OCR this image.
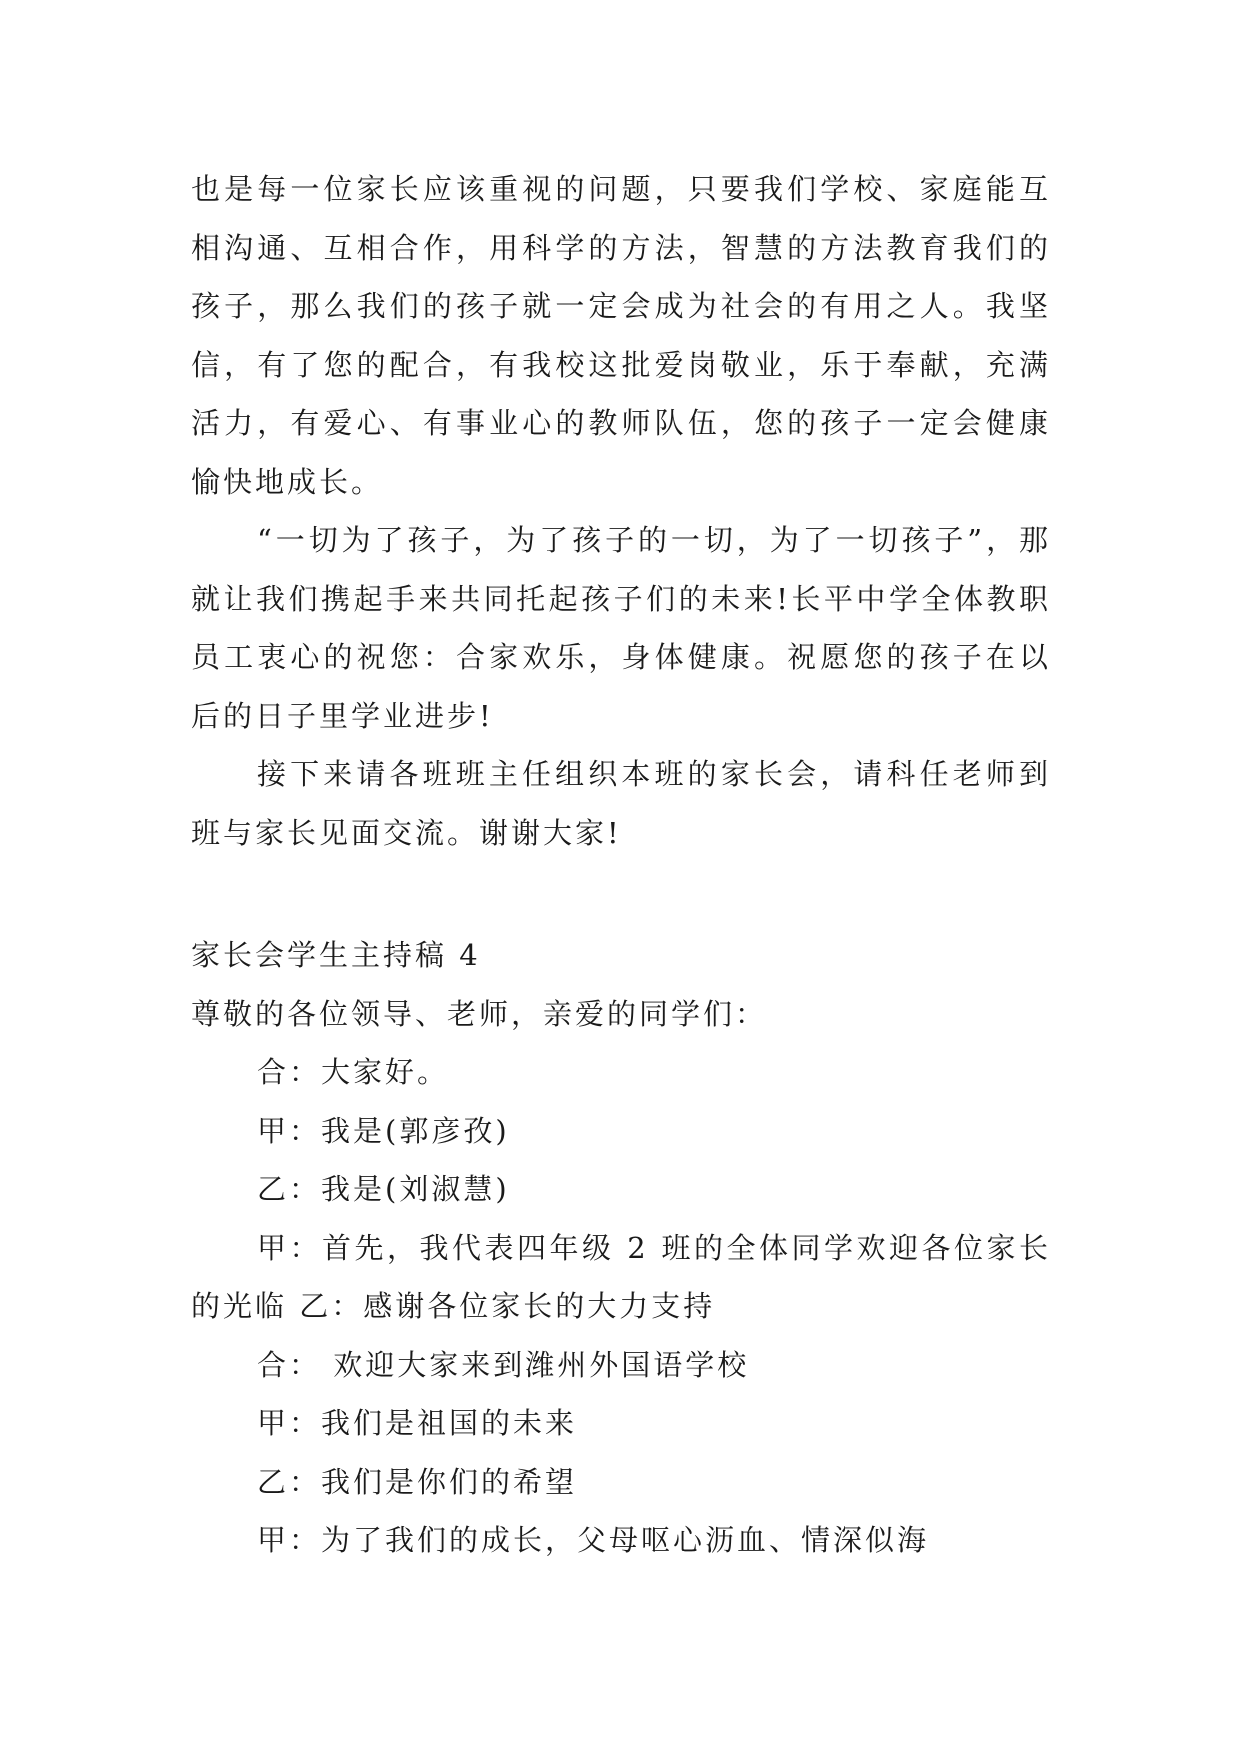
也是每一位家长应该重视的问题，只要我们学校、家庭能互相沟通、互相合作，用科学的方法，智慧的方法教育我们的孩子，那么我们的孩子就一定会成为社会的有用之人。我坚信，有了您的配合，有我校这批爱岗敬业，乐于奉献，充满活力，有爱心、有事业心的教师队伍，您的孩子一定会健康愉快地成长。

“一切为了孩子，为了孩子的一切，为了一切孩子”，那就让我们携起手来共同托起孩子们的未来!长平中学全体教职员工衷心的祝您：合家欢乐，身体健康。祝愿您的孩子在以后的日子里学业进步!

接下来请各班班主任组织本班的家长会，请科任老师到班与家长见面交流。谢谢大家!

家长会学生主持稿 4

尊敬的各位领导、老师，亲爱的同学们：

合：大家好。

甲：我是(郭彦孜)

乙：我是(刘淑慧)

甲：首先，我代表四年级 2 班的全体同学欢迎各位家长的光临 乙：感谢各位家长的大力支持

合： 欢迎大家来到潍州外国语学校

甲：我们是祖国的未来

乙：我们是你们的希望

甲：为了我们的成长，父母呕心沥血、情深似海
